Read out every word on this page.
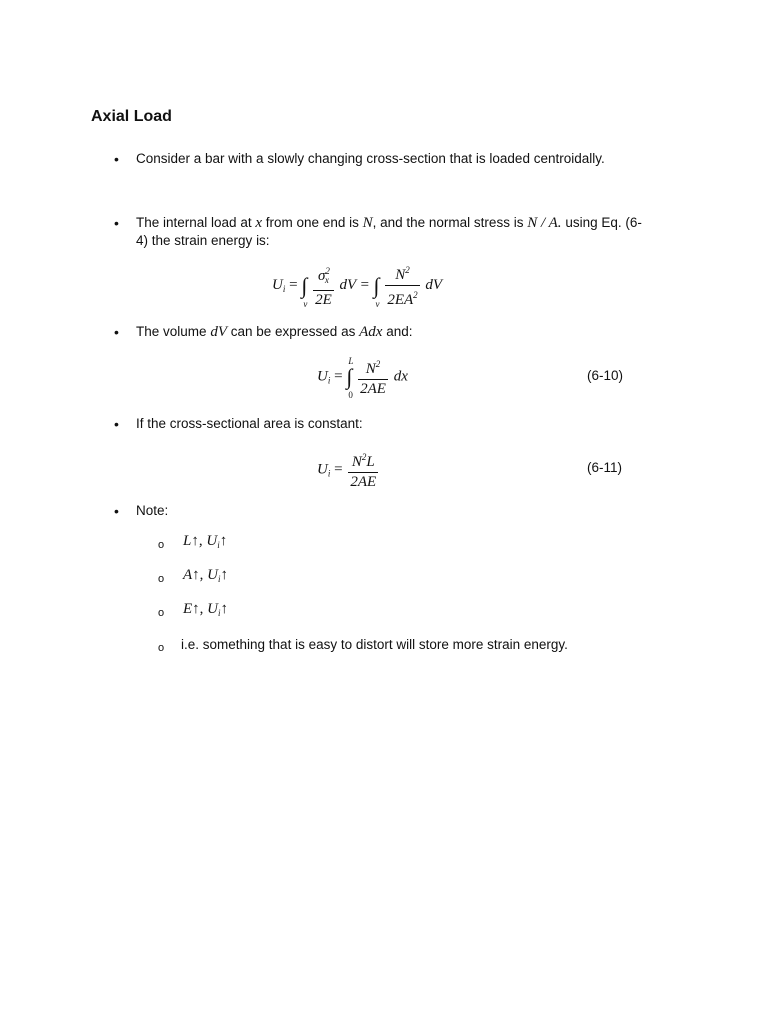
Axial Load
• Consider a bar with a slowly changing cross-section that is loaded centroidally.
• The internal load at x from one end is N, and the normal stress is N / A. using Eq. (6-
4) the strain energy is:
$U_i$ = ∫
v
$\frac{\sigma^2_x}{2E}$ dV = ∫
v
$\frac{N^2}{2EA^2}$ dV
• The volume dV can be expressed as Adx and:
$U_i$ = ∫
L
0
$\frac{N^2}{2AE}$ dx	(6-10)
• If the cross-sectional area is constant:
$U_i = \frac{N^2L}{2AE}$	(6-11)
• Note:
o L↑, $U_i↑$
o A↑, $U_i↑$
o E↑, $U_i↑$
o i.e. something that is easy to distort will store more strain energy.
